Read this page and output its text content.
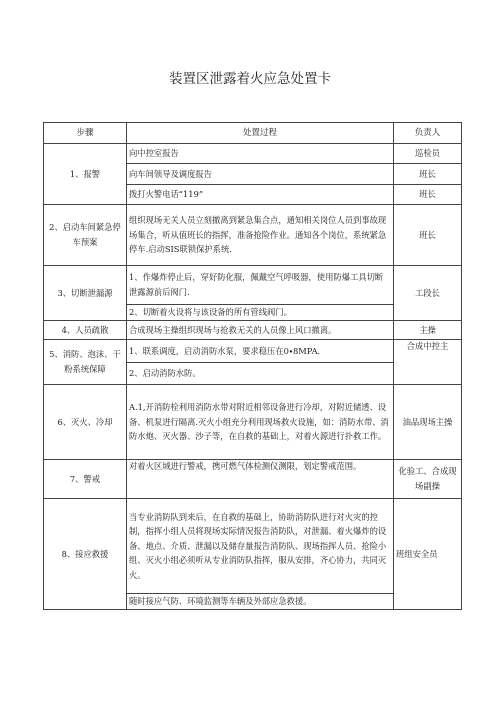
装置区泄露着火应急处置卡
步骤	处置过程	负责人
1、报警	向中控室报告	巡检员
	向车间领导及调度报告	班长
	拨打火警电话“119”	班长
2、启动车间紧急停车预案	组织现场无关人员立刻撤离到紧急集合点，通知相关岗位人员到事故现场集合，听从值班长的指挥，准备抢险作业。通知各个岗位，系统紧急停车.启动SIS联锁保护系统.	班长
3、切断泄漏源	1、作爆炸停止后，穿好防化服，佩戴空气呼吸器，使用防爆工具切断泄露源前后阀门.	工段长
	2、切断着火设将与该设备的所有管线阀门。	
4、人员疏散	合成现场主操组织现场与抢救无关的人员像上风口撤离。	主操
5、消防、泡沫、干粉系统保障	1、联系调度，启动消防水泵，要求稳压在0∙8MPA.	合成中控主
	2、启动消防水防。	
6、灭火、冷却	A.1,开消防栓利用消防水带对附近相邻设备进行冷却，对附近储透、设备、机泵进行隔离.灭火小组充分利用现场救火设施，如：消防水带、消防水炮、灭火器、沙子等，在自救的基础上，对着火源进行扑救工作。	油品现场主操
7、警戒	对着火区域进行警戒，携可燃气体检测仪测限，划定警戒范围。	化验工、合成现场副操
8、接应救援	当专业消防队到来后，在自救的基础上，协助消防队进行对火灾的控制，指挥小组人员将现场实际情况报告消防队，对泄漏、着火爆炸的设备、地点、介质、泄漏以及储存量报告消防队、现场指挥人员、抢险小组、灭火小组必须听从专业消防队指挥，服从安排，齐心协力，共同灭火。	班组安全员
	随时接应气防、环境监测等车辆及外部应急救援。	
